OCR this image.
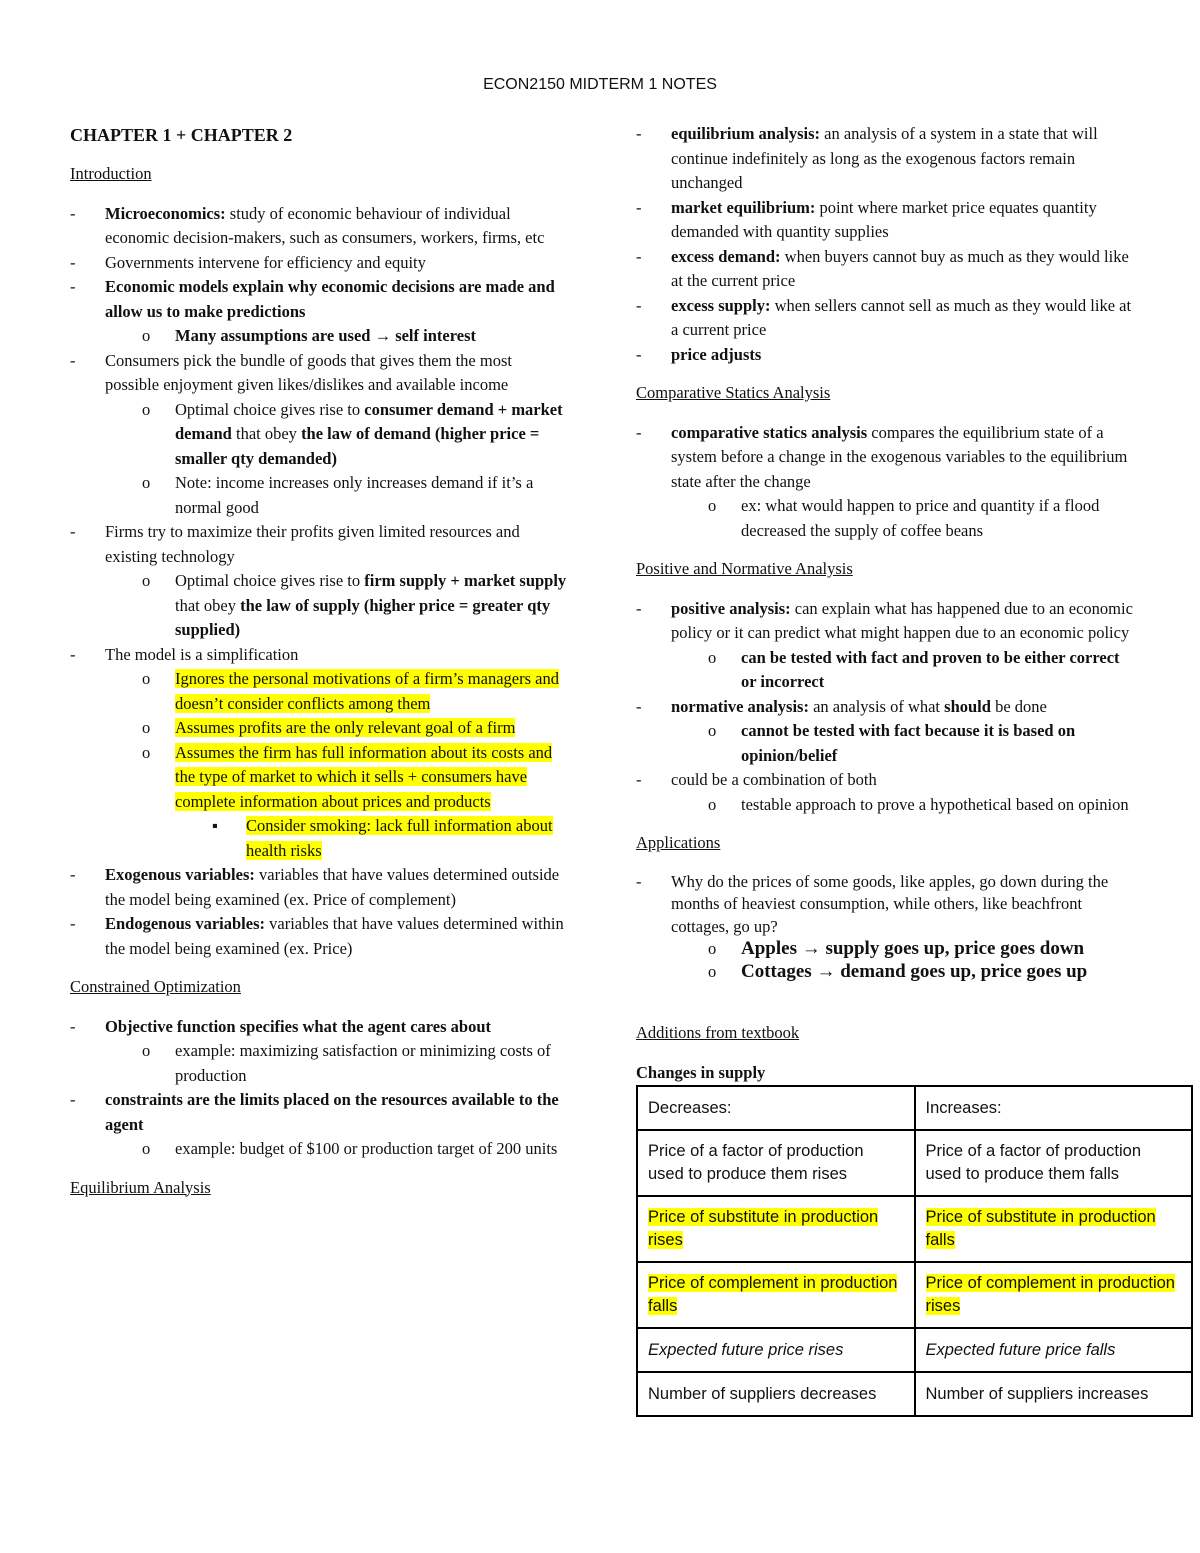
ECON2150 MIDTERM 1 NOTES
CHAPTER 1 + CHAPTER 2
Introduction
- Microeconomics: study of economic behaviour of individual economic decision-makers, such as consumers, workers, firms, etc
- Governments intervene for efficiency and equity
- Economic models explain why economic decisions are made and allow us to make predictions
o Many assumptions are used → self interest
- Consumers pick the bundle of goods that gives them the most possible enjoyment given likes/dislikes and available income
o Optimal choice gives rise to consumer demand + market demand that obey the law of demand (higher price = smaller qty demanded)
o Note: income increases only increases demand if it’s a normal good
- Firms try to maximize their profits given limited resources and existing technology
o Optimal choice gives rise to firm supply + market supply that obey the law of supply (higher price = greater qty supplied)
- The model is a simplification
o Ignores the personal motivations of a firm’s managers and doesn’t consider conflicts among them
o Assumes profits are the only relevant goal of a firm
o Assumes the firm has full information about its costs and the type of market to which it sells + consumers have complete information about prices and products
▪ Consider smoking: lack full information about health risks
- Exogenous variables: variables that have values determined outside the model being examined (ex. Price of complement)
- Endogenous variables: variables that have values determined within the model being examined (ex. Price)
Constrained Optimization
- Objective function specifies what the agent cares about
o example: maximizing satisfaction or minimizing costs of production
- constraints are the limits placed on the resources available to the agent
o example: budget of $100 or production target of 200 units
Equilibrium Analysis
- equilibrium analysis: an analysis of a system in a state that will continue indefinitely as long as the exogenous factors remain unchanged
- market equilibrium: point where market price equates quantity demanded with quantity supplies
- excess demand: when buyers cannot buy as much as they would like at the current price
- excess supply: when sellers cannot sell as much as they would like at a current price
- price adjusts
Comparative Statics Analysis
- comparative statics analysis compares the equilibrium state of a system before a change in the exogenous variables to the equilibrium state after the change
o ex: what would happen to price and quantity if a flood decreased the supply of coffee beans
Positive and Normative Analysis
- positive analysis: can explain what has happened due to an economic policy or it can predict what might happen due to an economic policy
o can be tested with fact and proven to be either correct or incorrect
- normative analysis: an analysis of what should be done
o cannot be tested with fact because it is based on opinion/belief
- could be a combination of both
o testable approach to prove a hypothetical based on opinion
Applications
- Why do the prices of some goods, like apples, go down during the months of heaviest consumption, while others, like beachfront cottages, go up?
o Apples → supply goes up, price goes down
o Cottages → demand goes up, price goes up
Additions from textbook
Changes in supply
Decreases:	Increases:
Price of a factor of production used to produce them rises	Price of a factor of production used to produce them falls
Price of substitute in production rises	Price of substitute in production falls
Price of complement in production falls	Price of complement in production rises
Expected future price rises	Expected future price falls
Number of suppliers decreases	Number of suppliers increases
